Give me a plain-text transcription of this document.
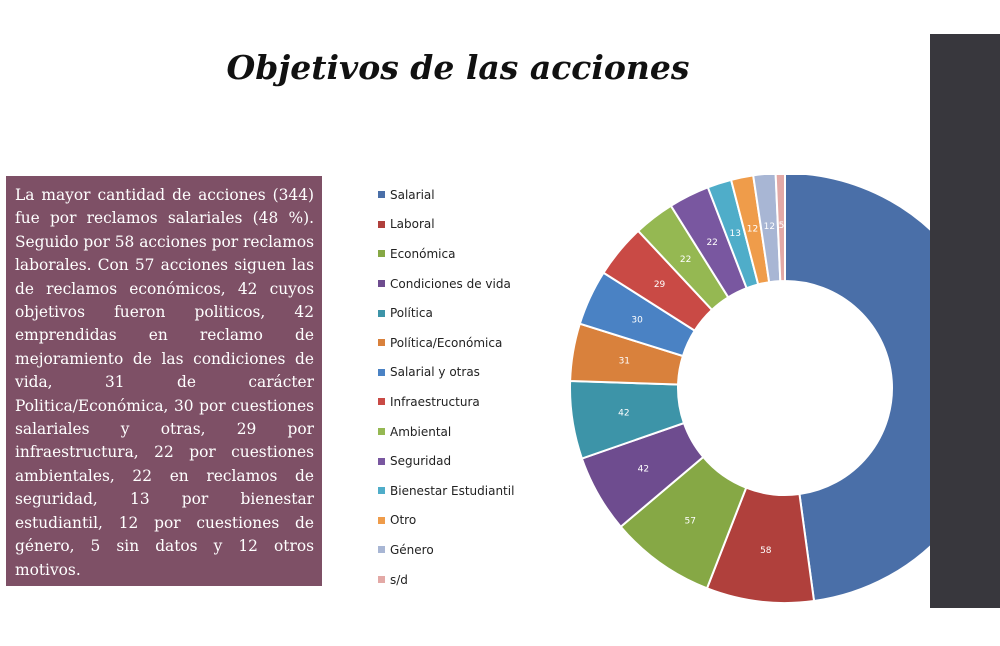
Objetivos de las acciones

La mayor cantidad de acciones (344) fue por reclamos salariales (48 %). Seguido por 58 acciones por reclamos laborales. Con 57 acciones siguen las de reclamos económicos, 42 cuyos objetivos fueron politicos, 42 emprendidas en reclamo de mejoramiento de las condiciones de vida, 31 de carácter Politica/Económica, 30 por cuestiones salariales y otras, 29 por infraestructura, 22 por cuestiones ambientales, 22 en reclamos de seguridad, 13 por bienestar estudiantil, 12 por cuestiones de género, 5 sin datos y 12 otros motivos.

Salarial
Laboral
Económica
Condiciones de vida
Política
Política/Económica
Salarial y otras
Infraestructura
Ambiental
Seguridad
Bienestar Estudiantil
Otro
Género
s/d
58
57
42
42
31
30
29
22
22
13 12 12 5
